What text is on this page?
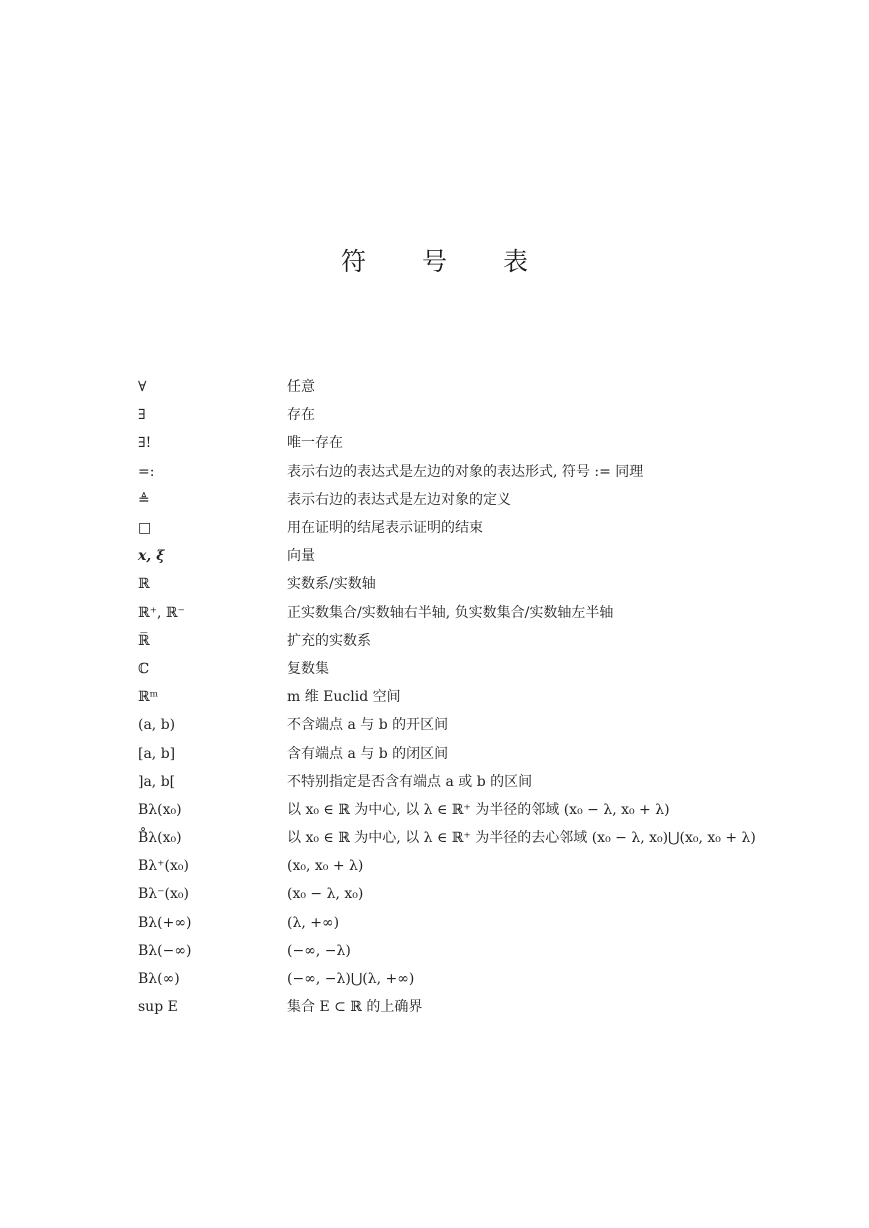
符 号 表
∀	任意
∃	存在
∃!	唯一存在
=:	表示右边的表达式是左边的对象的表达形式, 符号 := 同理
≜	表示右边的表达式是左边对象的定义
□	用在证明的结尾表示证明的结束
𝒙, 𝝃	向量
ℝ	实数系/实数轴
ℝ⁺, ℝ⁻	正实数集合/实数轴右半轴, 负实数集合/实数轴左半轴
ℝ̅	扩充的实数系
ℂ	复数集
ℝᵐ	m 维 Euclid 空间
(a, b)	不含端点 a 与 b 的开区间
[a, b]	含有端点 a 与 b 的闭区间
]a, b[	不特别指定是否含有端点 a 或 b 的区间
Bλ(x₀)	以 x₀ ∈ ℝ 为中心, 以 λ ∈ ℝ⁺ 为半径的邻域 (x₀ − λ, x₀ + λ)
B̊λ(x₀)	以 x₀ ∈ ℝ 为中心, 以 λ ∈ ℝ⁺ 为半径的去心邻域 (x₀ − λ, x₀)⋃(x₀, x₀ + λ)
Bλ⁺(x₀)	(x₀, x₀ + λ)
Bλ⁻(x₀)	(x₀ − λ, x₀)
Bλ(+∞)	(λ, +∞)
Bλ(−∞)	(−∞, −λ)
Bλ(∞)	(−∞, −λ)⋃(λ, +∞)
sup E	集合 E ⊂ ℝ 的上确界
